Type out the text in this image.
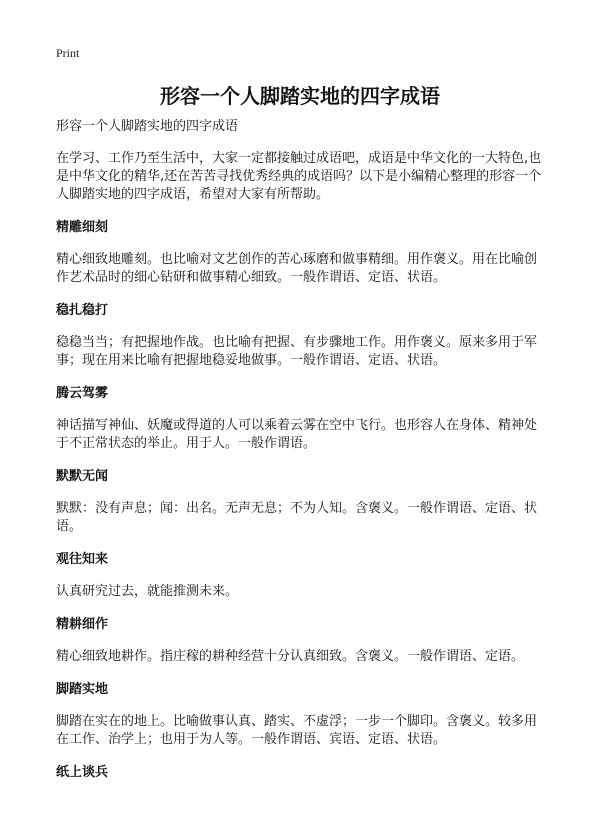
Print
形容一个人脚踏实地的四字成语

形容一个人脚踏实地的四字成语

在学习、工作乃至生活中，大家一定都接触过成语吧，成语是中华文化的一大特色,也是中华文化的精华,还在苦苦寻找优秀经典的成语吗？以下是小编精心整理的形容一个人脚踏实地的四字成语，希望对大家有所帮助。

精雕细刻

精心细致地雕刻。也比喻对文艺创作的苦心琢磨和做事精细。用作褒义。用在比喻创作艺术品时的细心钻研和做事精心细致。一般作谓语、定语、状语。

稳扎稳打

稳稳当当；有把握地作战。也比喻有把握、有步骤地工作。用作褒义。原来多用于军事；现在用来比喻有把握地稳妥地做事。一般作谓语、定语、状语。

腾云驾雾

神话描写神仙、妖魔或得道的人可以乘着云雾在空中飞行。也形容人在身体、精神处于不正常状态的举止。用于人。一般作谓语。

默默无闻

默默：没有声息；闻：出名。无声无息；不为人知。含褒义。一般作谓语、定语、状语。

观往知来

认真研究过去，就能推测未来。

精耕细作

精心细致地耕作。指庄稼的耕种经营十分认真细致。含褒义。一般作谓语、定语。

脚踏实地

脚踏在实在的地上。比喻做事认真、踏实、不虚浮；一步一个脚印。含褒义。较多用在工作、治学上；也用于为人等。一般作谓语、宾语、定语、状语。

纸上谈兵
